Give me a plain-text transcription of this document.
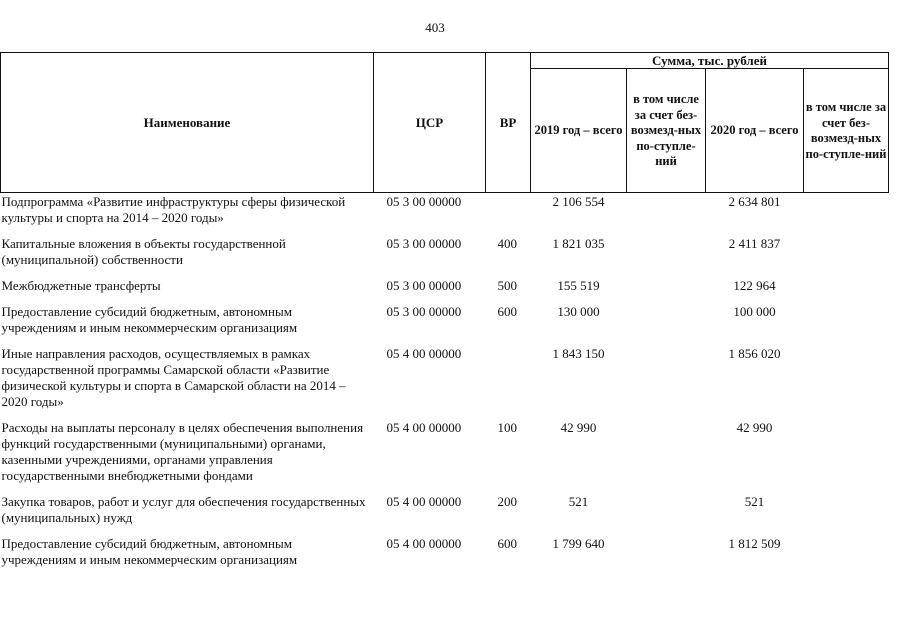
403
Наименование	ЦСР	ВР	Сумма, тыс. рублей			
			2019 год – всего	в том числе за счет без-возмезд-ных по-ступле-ний	2020 год – всего	в том числе за счет без-возмезд-ных по-ступле-ний
Подпрограмма «Развитие инфраструктуры сферы физической культуры и спорта на 2014 – 2020 годы»	05 3 00 00000		2 106 554		2 634 801	
Капитальные вложения в объекты государственной (муниципальной) собственности	05 3 00 00000	400	1 821 035		2 411 837	
Межбюджетные трансферты	05 3 00 00000	500	155 519		122 964	
Предоставление субсидий бюджетным, автономным учреждениям и иным некоммерческим организациям	05 3 00 00000	600	130 000		100 000	
Иные направления расходов, осуществляемых в рамках государственной программы Самарской области «Развитие физической культуры и спорта в Самарской области на 2014 – 2020 годы»	05 4 00 00000		1 843 150		1 856 020	
Расходы на выплаты персоналу в целях обеспечения выполнения функций государственными (муниципальными) органами, казенными учреждениями, органами управления государственными внебюджетными фондами	05 4 00 00000	100	42 990		42 990	
Закупка товаров, работ и услуг для обеспечения государственных (муниципальных) нужд	05 4 00 00000	200	521		521	
Предоставление субсидий бюджетным, автономным учреждениям и иным некоммерческим организациям	05 4 00 00000	600	1 799 640		1 812 509	
